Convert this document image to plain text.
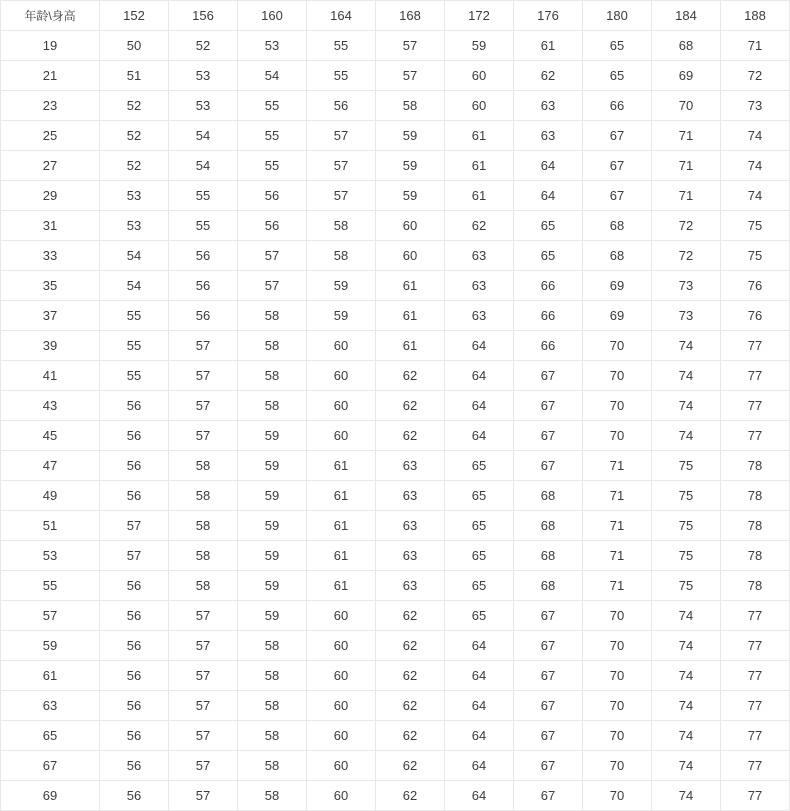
年龄\身高	152	156	160	164	168	172	176	180	184	188
19	50	52	53	55	57	59	61	65	68	71
21	51	53	54	55	57	60	62	65	69	72
23	52	53	55	56	58	60	63	66	70	73
25	52	54	55	57	59	61	63	67	71	74
27	52	54	55	57	59	61	64	67	71	74
29	53	55	56	57	59	61	64	67	71	74
31	53	55	56	58	60	62	65	68	72	75
33	54	56	57	58	60	63	65	68	72	75
35	54	56	57	59	61	63	66	69	73	76
37	55	56	58	59	61	63	66	69	73	76
39	55	57	58	60	61	64	66	70	74	77
41	55	57	58	60	62	64	67	70	74	77
43	56	57	58	60	62	64	67	70	74	77
45	56	57	59	60	62	64	67	70	74	77
47	56	58	59	61	63	65	67	71	75	78
49	56	58	59	61	63	65	68	71	75	78
51	57	58	59	61	63	65	68	71	75	78
53	57	58	59	61	63	65	68	71	75	78
55	56	58	59	61	63	65	68	71	75	78
57	56	57	59	60	62	65	67	70	74	77
59	56	57	58	60	62	64	67	70	74	77
61	56	57	58	60	62	64	67	70	74	77
63	56	57	58	60	62	64	67	70	74	77
65	56	57	58	60	62	64	67	70	74	77
67	56	57	58	60	62	64	67	70	74	77
69	56	57	58	60	62	64	67	70	74	77
